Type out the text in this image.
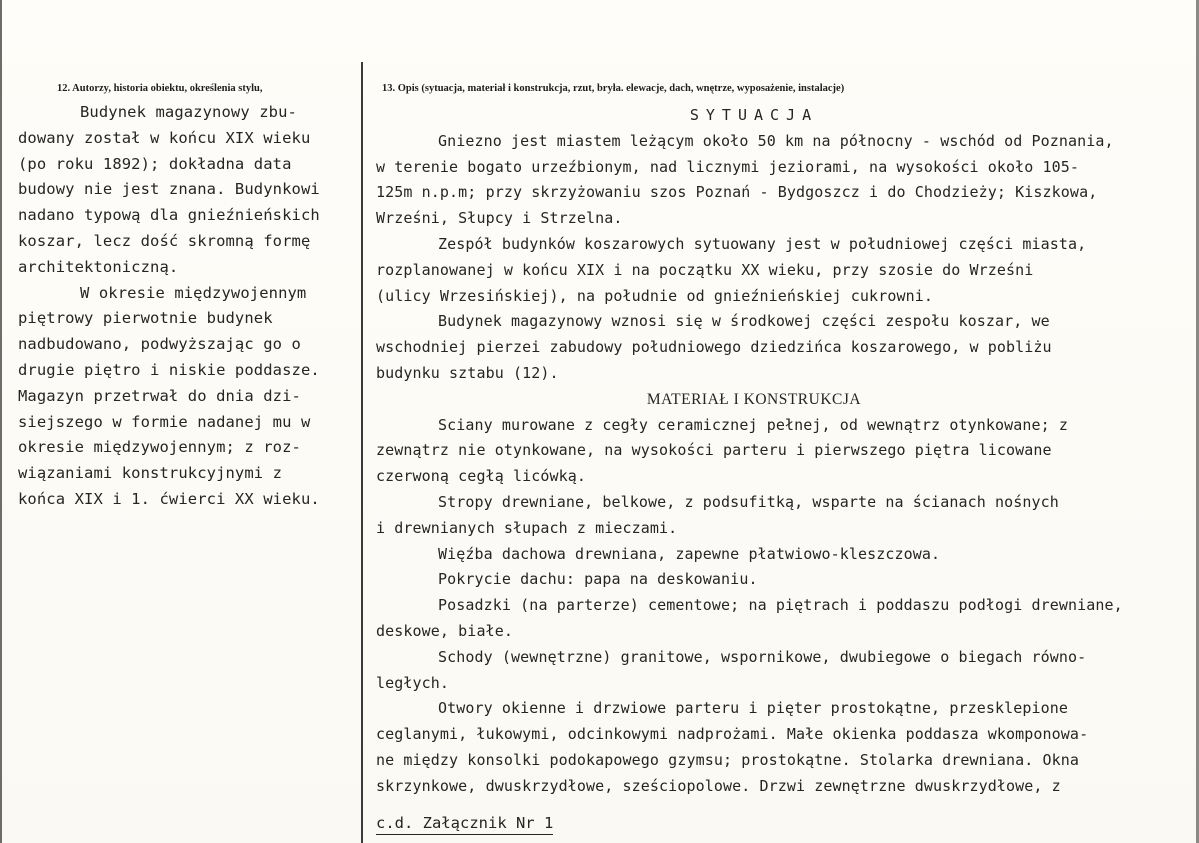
12. Autorzy, historia obiektu, określenia stylu,	13. Opis (sytuacja, materiał i konstrukcja, rzut, bryła. elewacje, dach, wnętrze, wyposażenie, instalacje)
Budynek magazynowy zbu-
dowany został w końcu XIX wieku
(po roku 1892); dokładna data
budowy nie jest znana. Budynkowi
nadano typową dla gnieźnieńskich
koszar, lecz dość skromną formę
architektoniczną.
W okresie międzywojennym
piętrowy pierwotnie budynek
nadbudowano, podwyższając go o
drugie piętro i niskie poddasze.
Magazyn przetrwał do dnia dzi-
siejszego w formie nadanej mu w
okresie międzywojennym; z roz-
wiązaniami konstrukcyjnymi z
końca XIX i 1. ćwierci XX wieku.
SYTUACJA
Gniezno jest miastem leżącym około 50 km na północny - wschód od Poznania,
w terenie bogato urzeźbionym, nad licznymi jeziorami, na wysokości około 105-
125m n.p.m; przy skrzyżowaniu szos Poznań - Bydgoszcz i do Chodzieży; Kiszkowa,
Wrześni, Słupcy i Strzelna.
Zespół budynków koszarowych sytuowany jest w południowej części miasta,
rozplanowanej w końcu XIX i na początku XX wieku, przy szosie do Wrześni
(ulicy Wrzesińskiej), na południe od gnieźnieńskiej cukrowni.
Budynek magazynowy wznosi się w środkowej części zespołu koszar, we
wschodniej pierzei zabudowy południowego dziedzińca koszarowego, w pobliżu
budynku sztabu (12).
MATERIAŁ I KONSTRUKCJA
Sciany murowane z cegły ceramicznej pełnej, od wewnątrz otynkowane; z
zewnątrz nie otynkowane, na wysokości parteru i pierwszego piętra licowane
czerwoną cegłą licówką.
Stropy drewniane, belkowe, z podsufitką, wsparte na ścianach nośnych
i drewnianych słupach z mieczami.
Więźba dachowa drewniana, zapewne płatwiowo-kleszczowa.
Pokrycie dachu: papa na deskowaniu.
Posadzki (na parterze) cementowe; na piętrach i poddaszu podłogi drewniane,
deskowe, białe.
Schody (wewnętrzne) granitowe, wspornikowe, dwubiegowe o biegach równo-
ległych.
Otwory okienne i drzwiowe parteru i pięter prostokątne, przesklepione
ceglanymi, łukowymi, odcinkowymi nadprożami. Małe okienka poddasza wkomponowa-
ne między konsolki podokapowego gzymsu; prostokątne. Stolarka drewniana. Okna
skrzynkowe, dwuskrzydłowe, sześciopolowe. Drzwi zewnętrzne dwuskrzydłowe, z
c.d. Załącznik Nr 1
